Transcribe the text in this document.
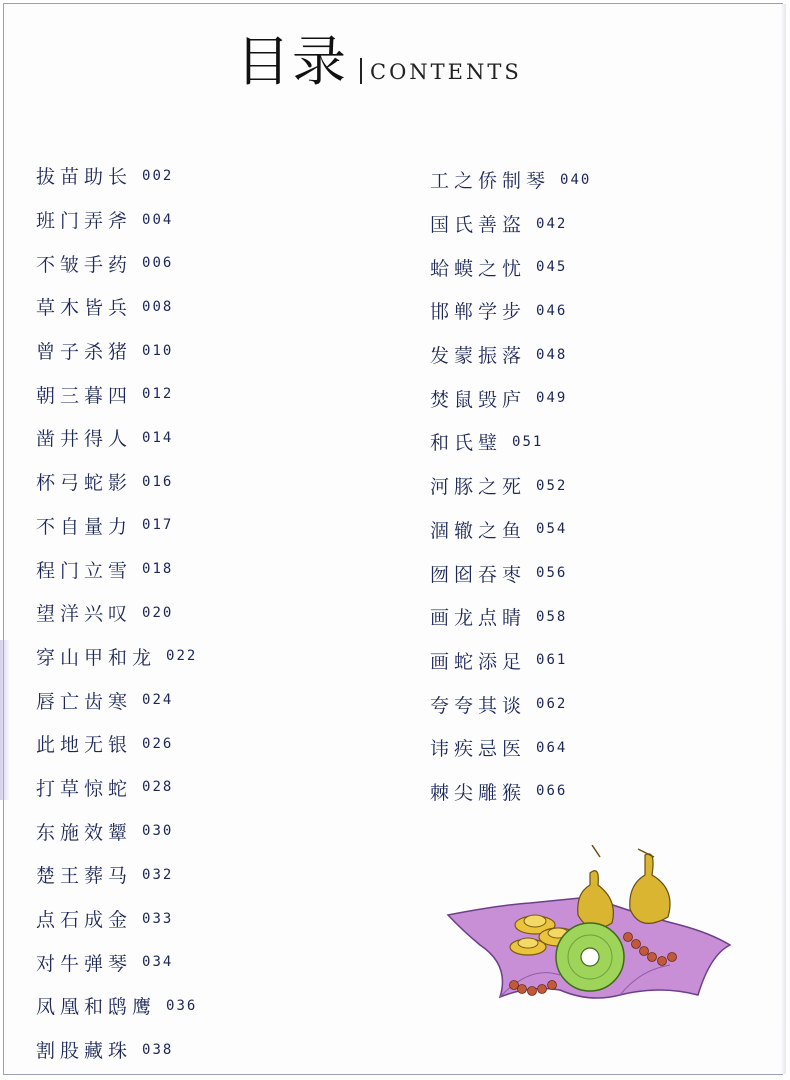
目录 CONTENTS
拔苗助长 002
班门弄斧 004
不皱手药 006
草木皆兵 008
曾子杀猪 010
朝三暮四 012
凿井得人 014
杯弓蛇影 016
不自量力 017
程门立雪 018
望洋兴叹 020
穿山甲和龙 022
唇亡齿寒 024
此地无银 026
打草惊蛇 028
东施效颦 030
楚王葬马 032
点石成金 033
对牛弹琴 034
凤凰和鸱鹰 036
割股藏珠 038
工之侨制琴 040
国氏善盗 042
蛤蟆之忧 045
邯郸学步 046
发蒙振落 048
焚鼠毁庐 049
和氏璧 051
河豚之死 052
涸辙之鱼 054
囫囵吞枣 056
画龙点睛 058
画蛇添足 061
夸夸其谈 062
讳疾忌医 064
棘尖雕猴 066
